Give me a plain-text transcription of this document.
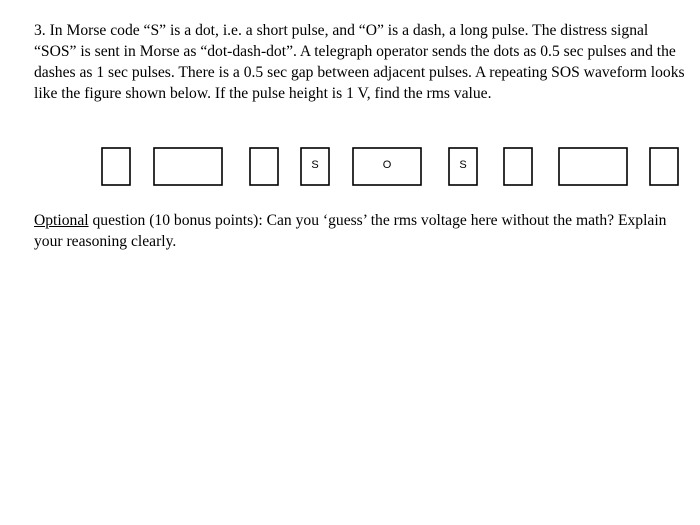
3. In Morse code “S” is a dot, i.e. a short pulse, and “O” is a dash, a long pulse. The distress signal “SOS” is sent in Morse as “dot-dash-dot”. A telegraph operator sends the dots as 0.5 sec pulses and the dashes as 1 sec pulses. There is a 0.5 sec gap between adjacent pulses. A repeating SOS waveform looks like the figure shown below. If the pulse height is 1 V, find the rms value.

S	O	S

Optional question (10 bonus points): Can you ‘guess’ the rms voltage here without the math? Explain your reasoning clearly.
